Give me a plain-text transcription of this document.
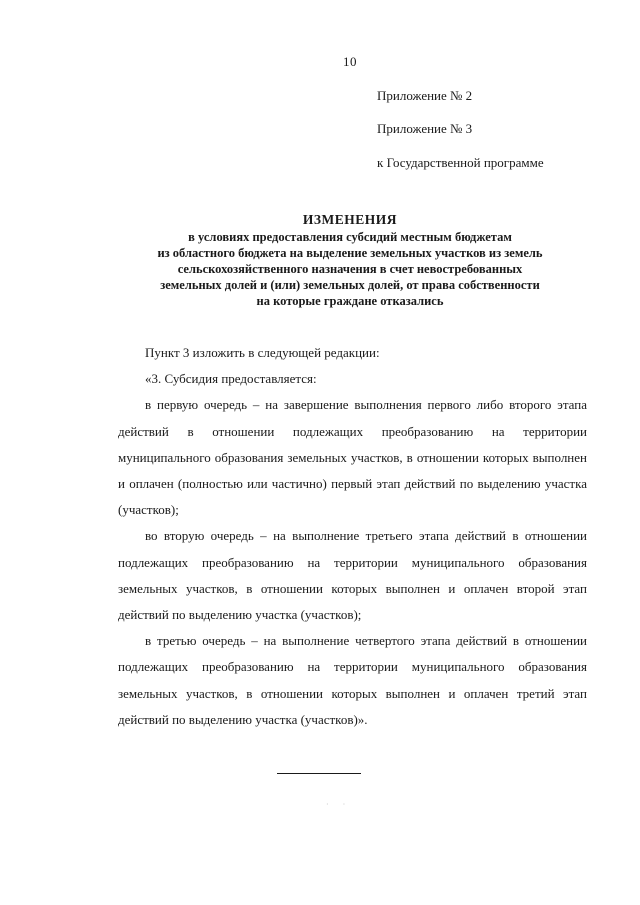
10
Приложение № 2
Приложение № 3
к Государственной программе
ИЗМЕНЕНИЯ
в условиях предоставления субсидий местным бюджетам
из областного бюджета на выделение земельных участков из земель
сельскохозяйственного назначения в счет невостребованных
земельных долей и (или) земельных долей, от права собственности
на которые граждане отказались

Пункт 3 изложить в следующей редакции:

«3. Субсидия предоставляется:

в первую очередь – на завершение выполнения первого либо второго этапа действий в отношении подлежащих преобразованию на территории муниципального образования земельных участков, в отношении которых выполнен и оплачен (полностью или частично) первый этап действий по выделению участка (участков);

во вторую очередь – на выполнение третьего этапа действий в отношении подлежащих преобразованию на территории муниципального образования земельных участков, в отношении которых выполнен и оплачен второй этап действий по выделению участка (участков);

в третью очередь – на выполнение четвертого этапа действий в отношении подлежащих преобразованию на территории муниципального образования земельных участков, в отношении которых выполнен и оплачен третий этап действий по выделению участка (участков)».

· ·
